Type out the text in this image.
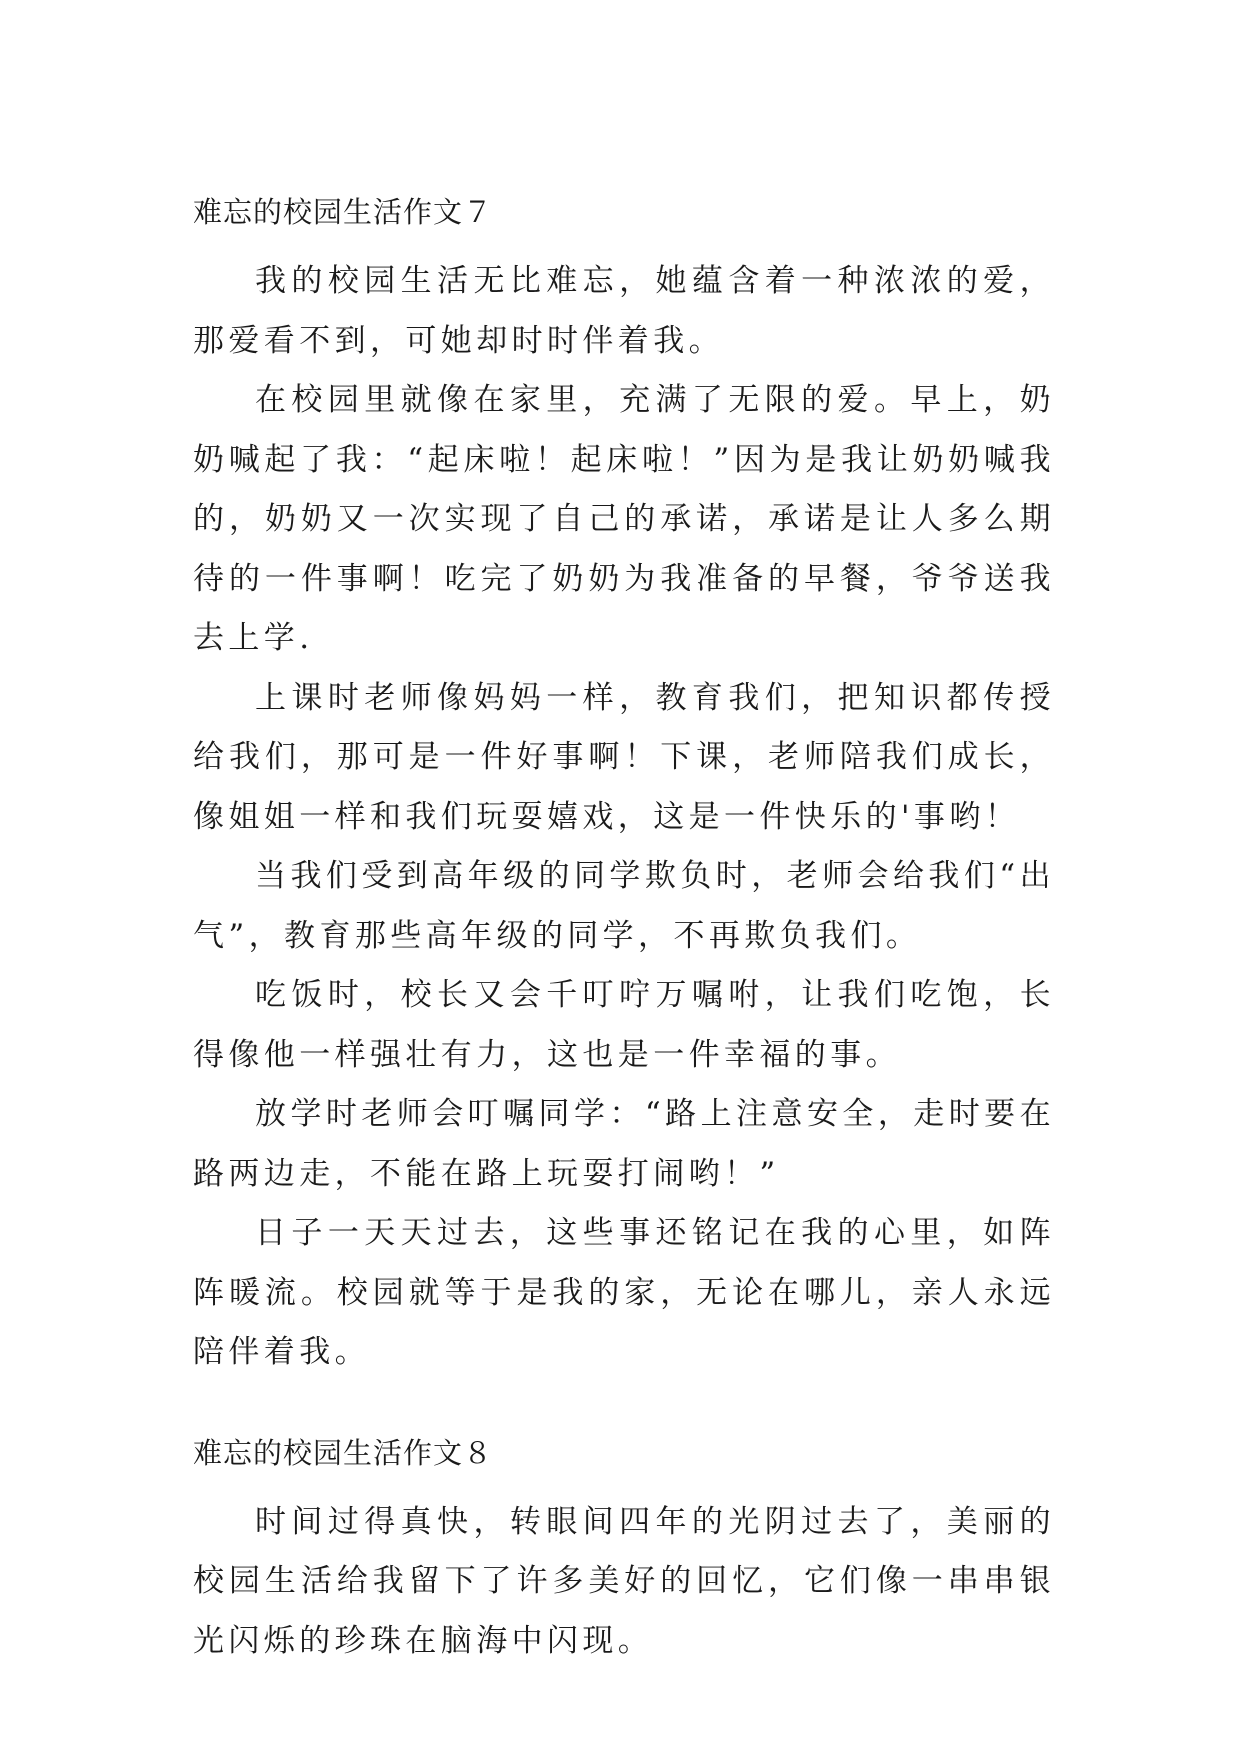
难忘的校园生活作文７

我的校园生活无比难忘，她蕴含着一种浓浓的爱，那爱看不到，可她却时时伴着我。

在校园里就像在家里，充满了无限的爱。早上，奶奶喊起了我：“起床啦！起床啦！”因为是我让奶奶喊我的，奶奶又一次实现了自己的承诺，承诺是让人多么期待的一件事啊！吃完了奶奶为我准备的早餐，爷爷送我去上学.

上课时老师像妈妈一样，教育我们，把知识都传授给我们，那可是一件好事啊！下课，老师陪我们成长，像姐姐一样和我们玩耍嬉戏，这是一件快乐的'事哟！

当我们受到高年级的同学欺负时，老师会给我们“出气”，教育那些高年级的同学，不再欺负我们。

吃饭时，校长又会千叮咛万嘱咐，让我们吃饱，长得像他一样强壮有力，这也是一件幸福的事。

放学时老师会叮嘱同学：“路上注意安全，走时要在路两边走，不能在路上玩耍打闹哟！”

日子一天天过去，这些事还铭记在我的心里，如阵阵暖流。校园就等于是我的家，无论在哪儿，亲人永远陪伴着我。

难忘的校园生活作文８

时间过得真快，转眼间四年的光阴过去了，美丽的校园生活给我留下了许多美好的回忆，它们像一串串银光闪烁的珍珠在脑海中闪现。
